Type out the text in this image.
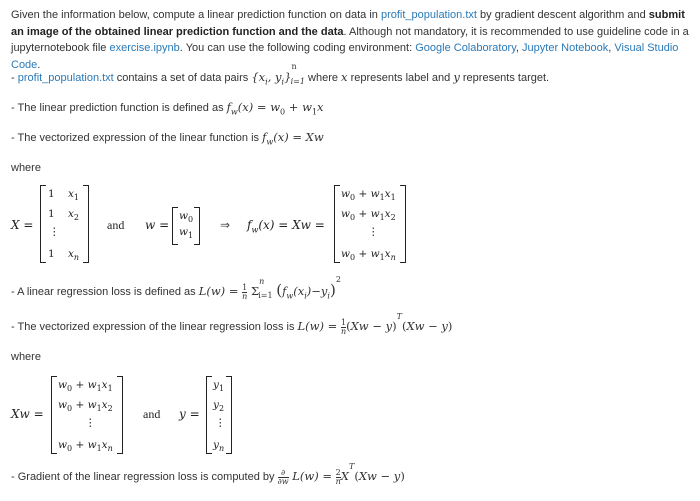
Given the information below, compute a linear prediction function on data in profit_population.txt by gradient descent algorithm and submit an image of the obtained linear prediction function and the data. Although not mandatory, it is recommended to use guideline code in a jupyternotebook file exercise.ipynb. You can use the following coding environment: Google Colaboratory, Jupyter Notebook, Visual Studio Code.
- profit_population.txt contains a set of data pairs {$x_i$, $y_i\}^n_{i=1}$ where x represents label and y represents target.
- The linear prediction function is defined as $f_w(x) = w_0 + w_1x$
- The vectorized expression of the linear function is $f_w(x) = Xw$
where
X =
1 $x_1$
1 $x_2$
⋮
1 $x_n$
and w =
$w_0$
$w_1$
⇒ $f_w(x) = Xw$ =
$w_0 + w_1x_1$
$w_0 + w_1x_2$
⋮
$w_0 + w_1x_n$
- A linear regression loss is defined as $L(w) = \frac{1}{n} \Sigma^n_{i=1}$ $(f_w(x_i)-y_i)^2$
- The vectorized expression of the linear regression loss is $L(w) = \frac{1}{n}(Xw - y)^T(Xw - y)$
where
Xw =
$w_0 + w_1x_1$
$w_0 + w_1x_2$
⋮
$w_0 + w_1x_n$
and y =
$y_1$
$y_2$
⋮
$y_n$
- Gradient of the linear regression loss is computed by ∂
∂w $L(w) = \frac{2}{n}X^T(Xw - y)$
